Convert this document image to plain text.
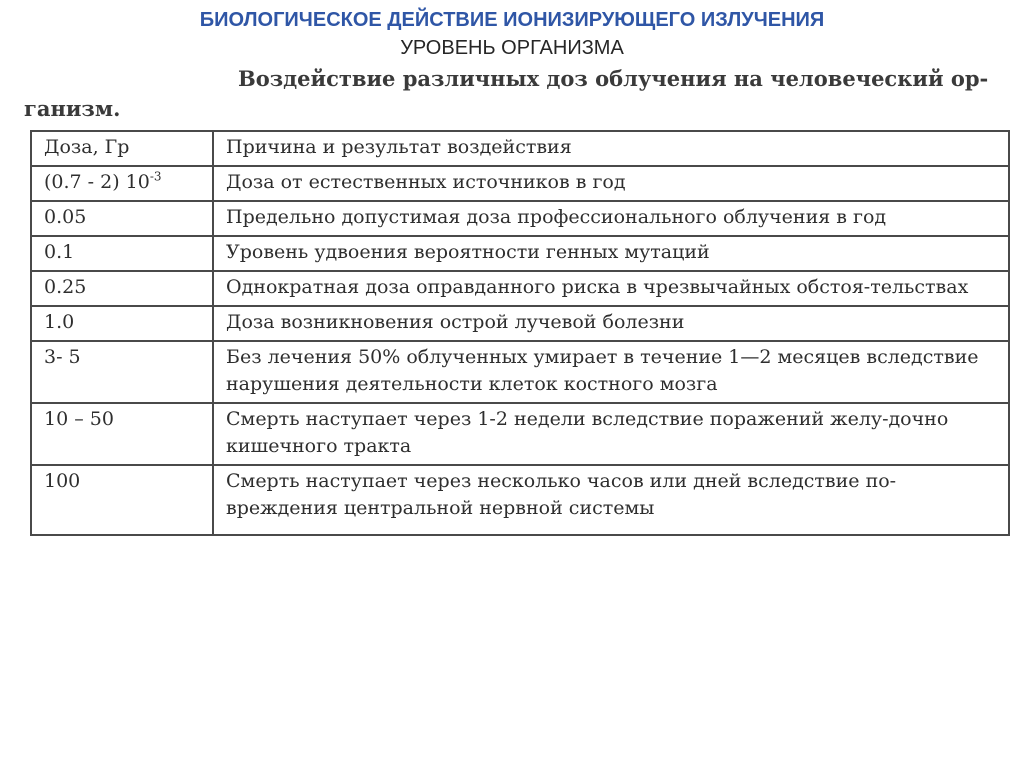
БИОЛОГИЧЕСКОЕ ДЕЙСТВИЕ ИОНИЗИРУЮЩЕГО ИЗЛУЧЕНИЯ
УРОВЕНЬ ОРГАНИЗМА
Воздействие различных доз облучения на человеческий ор-ганизм.
Доза, Гр	Причина и результат воздействия
(0.7 - 2) $10^{-3}$	Доза от естественных источников в год
0.05	Предельно допустимая доза профессионального облучения в год
0.1	Уровень удвоения вероятности генных мутаций
0.25	Однократная доза оправданного риска в чрезвычайных обстоя-тельствах
1.0	Доза возникновения острой лучевой болезни
3- 5	Без лечения 50% облученных умирает в течение 1—2 месяцев вследствие нарушения деятельности клеток костного мозга
10 – 50	Смерть наступает через 1-2 недели вследствие поражений желу-дочно кишечного тракта
100	Смерть наступает через несколько часов или дней вследствие по-вреждения центральной нервной системы
